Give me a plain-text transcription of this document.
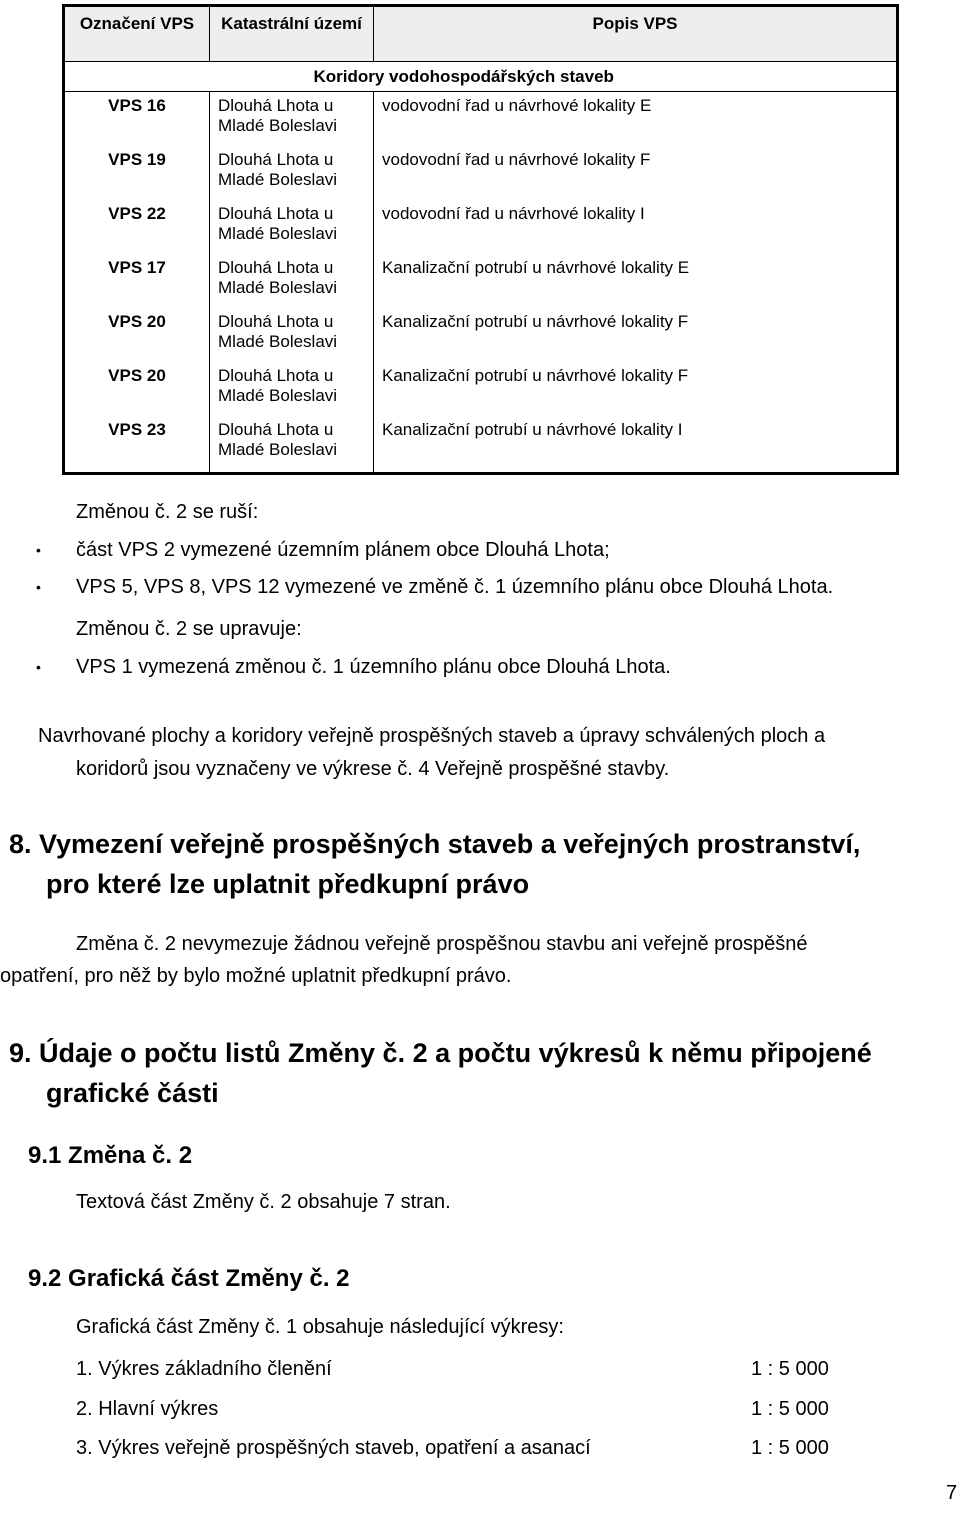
Označení VPS	Katastrální území	Popis VPS
	Koridory vodohospodářských staveb
VPS 16	Dlouhá Lhota u Mladé Boleslavi	vodovodní řad u návrhové lokality E
VPS 19	Dlouhá Lhota u Mladé Boleslavi	vodovodní řad u návrhové lokality F
VPS 22	Dlouhá Lhota u Mladé Boleslavi	vodovodní řad u návrhové lokality I
VPS 17	Dlouhá Lhota u Mladé Boleslavi	Kanalizační potrubí u návrhové lokality E
VPS 20	Dlouhá Lhota u Mladé Boleslavi	Kanalizační potrubí u návrhové lokality F
VPS 20	Dlouhá Lhota u Mladé Boleslavi	Kanalizační potrubí u návrhové lokality F
VPS 23	Dlouhá Lhota u Mladé Boleslavi	Kanalizační potrubí u návrhové lokality I
Změnou č. 2 se ruší:
• část VPS 2 vymezené územním plánem obce Dlouhá Lhota;
• VPS 5, VPS 8, VPS 12 vymezené ve změně č. 1 územního plánu obce Dlouhá Lhota.
Změnou č. 2 se upravuje:
• VPS 1 vymezená změnou č. 1 územního plánu obce Dlouhá Lhota.
Navrhované plochy a koridory veřejně prospěšných staveb a úpravy schválených ploch a
koridorů jsou vyznačeny ve výkrese č. 4 Veřejně prospěšné stavby.
8. Vymezení veřejně prospěšných staveb a veřejných prostranství,
pro které lze uplatnit předkupní právo
Změna č. 2 nevymezuje žádnou veřejně prospěšnou stavbu ani veřejně prospěšné
opatření, pro něž by bylo možné uplatnit předkupní právo.
9. Údaje o počtu listů Změny č. 2 a počtu výkresů k němu připojené
grafické části
9.1 Změna č. 2
Textová část Změny č. 2 obsahuje 7 stran.
9.2 Grafická část Změny č. 2
Grafická část Změny č. 1 obsahuje následující výkresy:
1. Výkres základního členění	1 : 5 000
2. Hlavní výkres	1 : 5 000
3. Výkres veřejně prospěšných staveb, opatření a asanací	1 : 5 000
7
